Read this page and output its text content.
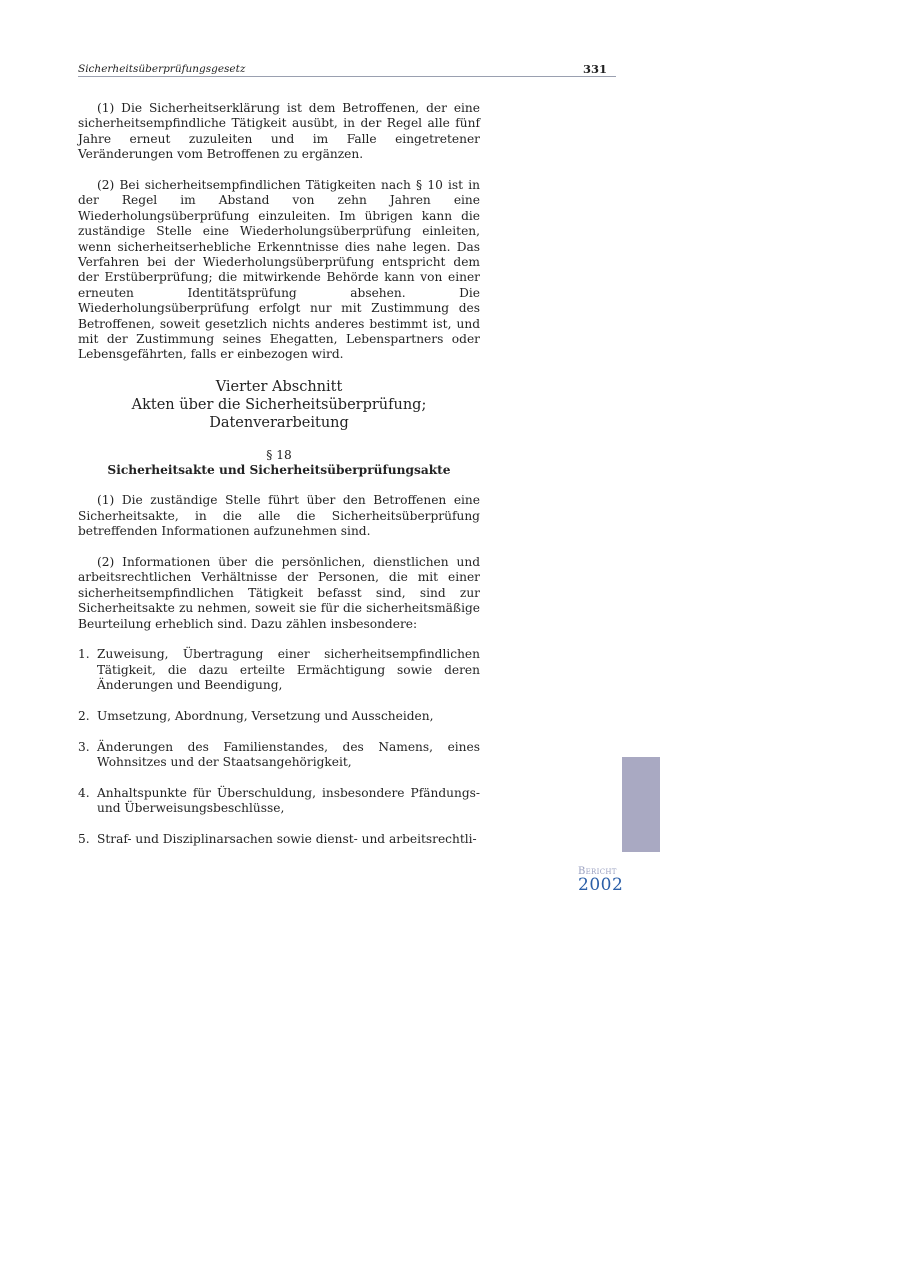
Sicherheitsüberprüfungsgesetz	331

(1) Die Sicherheitserklärung ist dem Betroffenen, der eine sicherheitsempfindliche Tätigkeit ausübt, in der Regel alle fünf Jahre erneut zuzuleiten und im Falle eingetretener Veränderungen vom Betroffenen zu ergänzen.

(2) Bei sicherheitsempfindlichen Tätigkeiten nach § 10 ist in der Regel im Abstand von zehn Jahren eine Wiederholungsüberprüfung einzuleiten. Im übrigen kann die zuständige Stelle eine Wiederholungsüberprüfung einleiten, wenn sicherheitserhebliche Erkenntnisse dies nahe legen. Das Verfahren bei der Wiederholungsüberprüfung entspricht dem der Erstüberprüfung; die mitwirkende Behörde kann von einer erneuten Identitätsprüfung absehen. Die Wiederholungsüberprüfung erfolgt nur mit Zustimmung des Betroffenen, soweit gesetzlich nichts anderes bestimmt ist, und mit der Zustimmung seines Ehegatten, Lebenspartners oder Lebensgefährten, falls er einbezogen wird.

Vierter Abschnitt
Akten über die Sicherheitsüberprüfung;
Datenverarbeitung
§ 18
Sicherheitsakte und Sicherheitsüberprüfungsakte

(1) Die zuständige Stelle führt über den Betroffenen eine Sicherheitsakte, in die alle die Sicherheitsüberprüfung betreffenden Informationen aufzunehmen sind.

(2) Informationen über die persönlichen, dienstlichen und arbeitsrechtlichen Verhältnisse der Personen, die mit einer sicherheitsempfindlichen Tätigkeit befasst sind, sind zur Sicherheitsakte zu nehmen, soweit sie für die sicherheitsmäßige Beurteilung erheblich sind. Dazu zählen insbesondere:

1. Zuweisung, Übertragung einer sicherheitsempfindlichen Tätigkeit, die dazu erteilte Ermächtigung sowie deren Änderungen und Beendigung,
2. Umsetzung, Abordnung, Versetzung und Ausscheiden,
3. Änderungen des Familienstandes, des Namens, eines Wohnsitzes und der Staatsangehörigkeit,
4. Anhaltspunkte für Überschuldung, insbesondere Pfändungs- und Überweisungsbeschlüsse,
5. Straf- und Disziplinarsachen sowie dienst- und arbeitsrechtli-
Bericht
2002
